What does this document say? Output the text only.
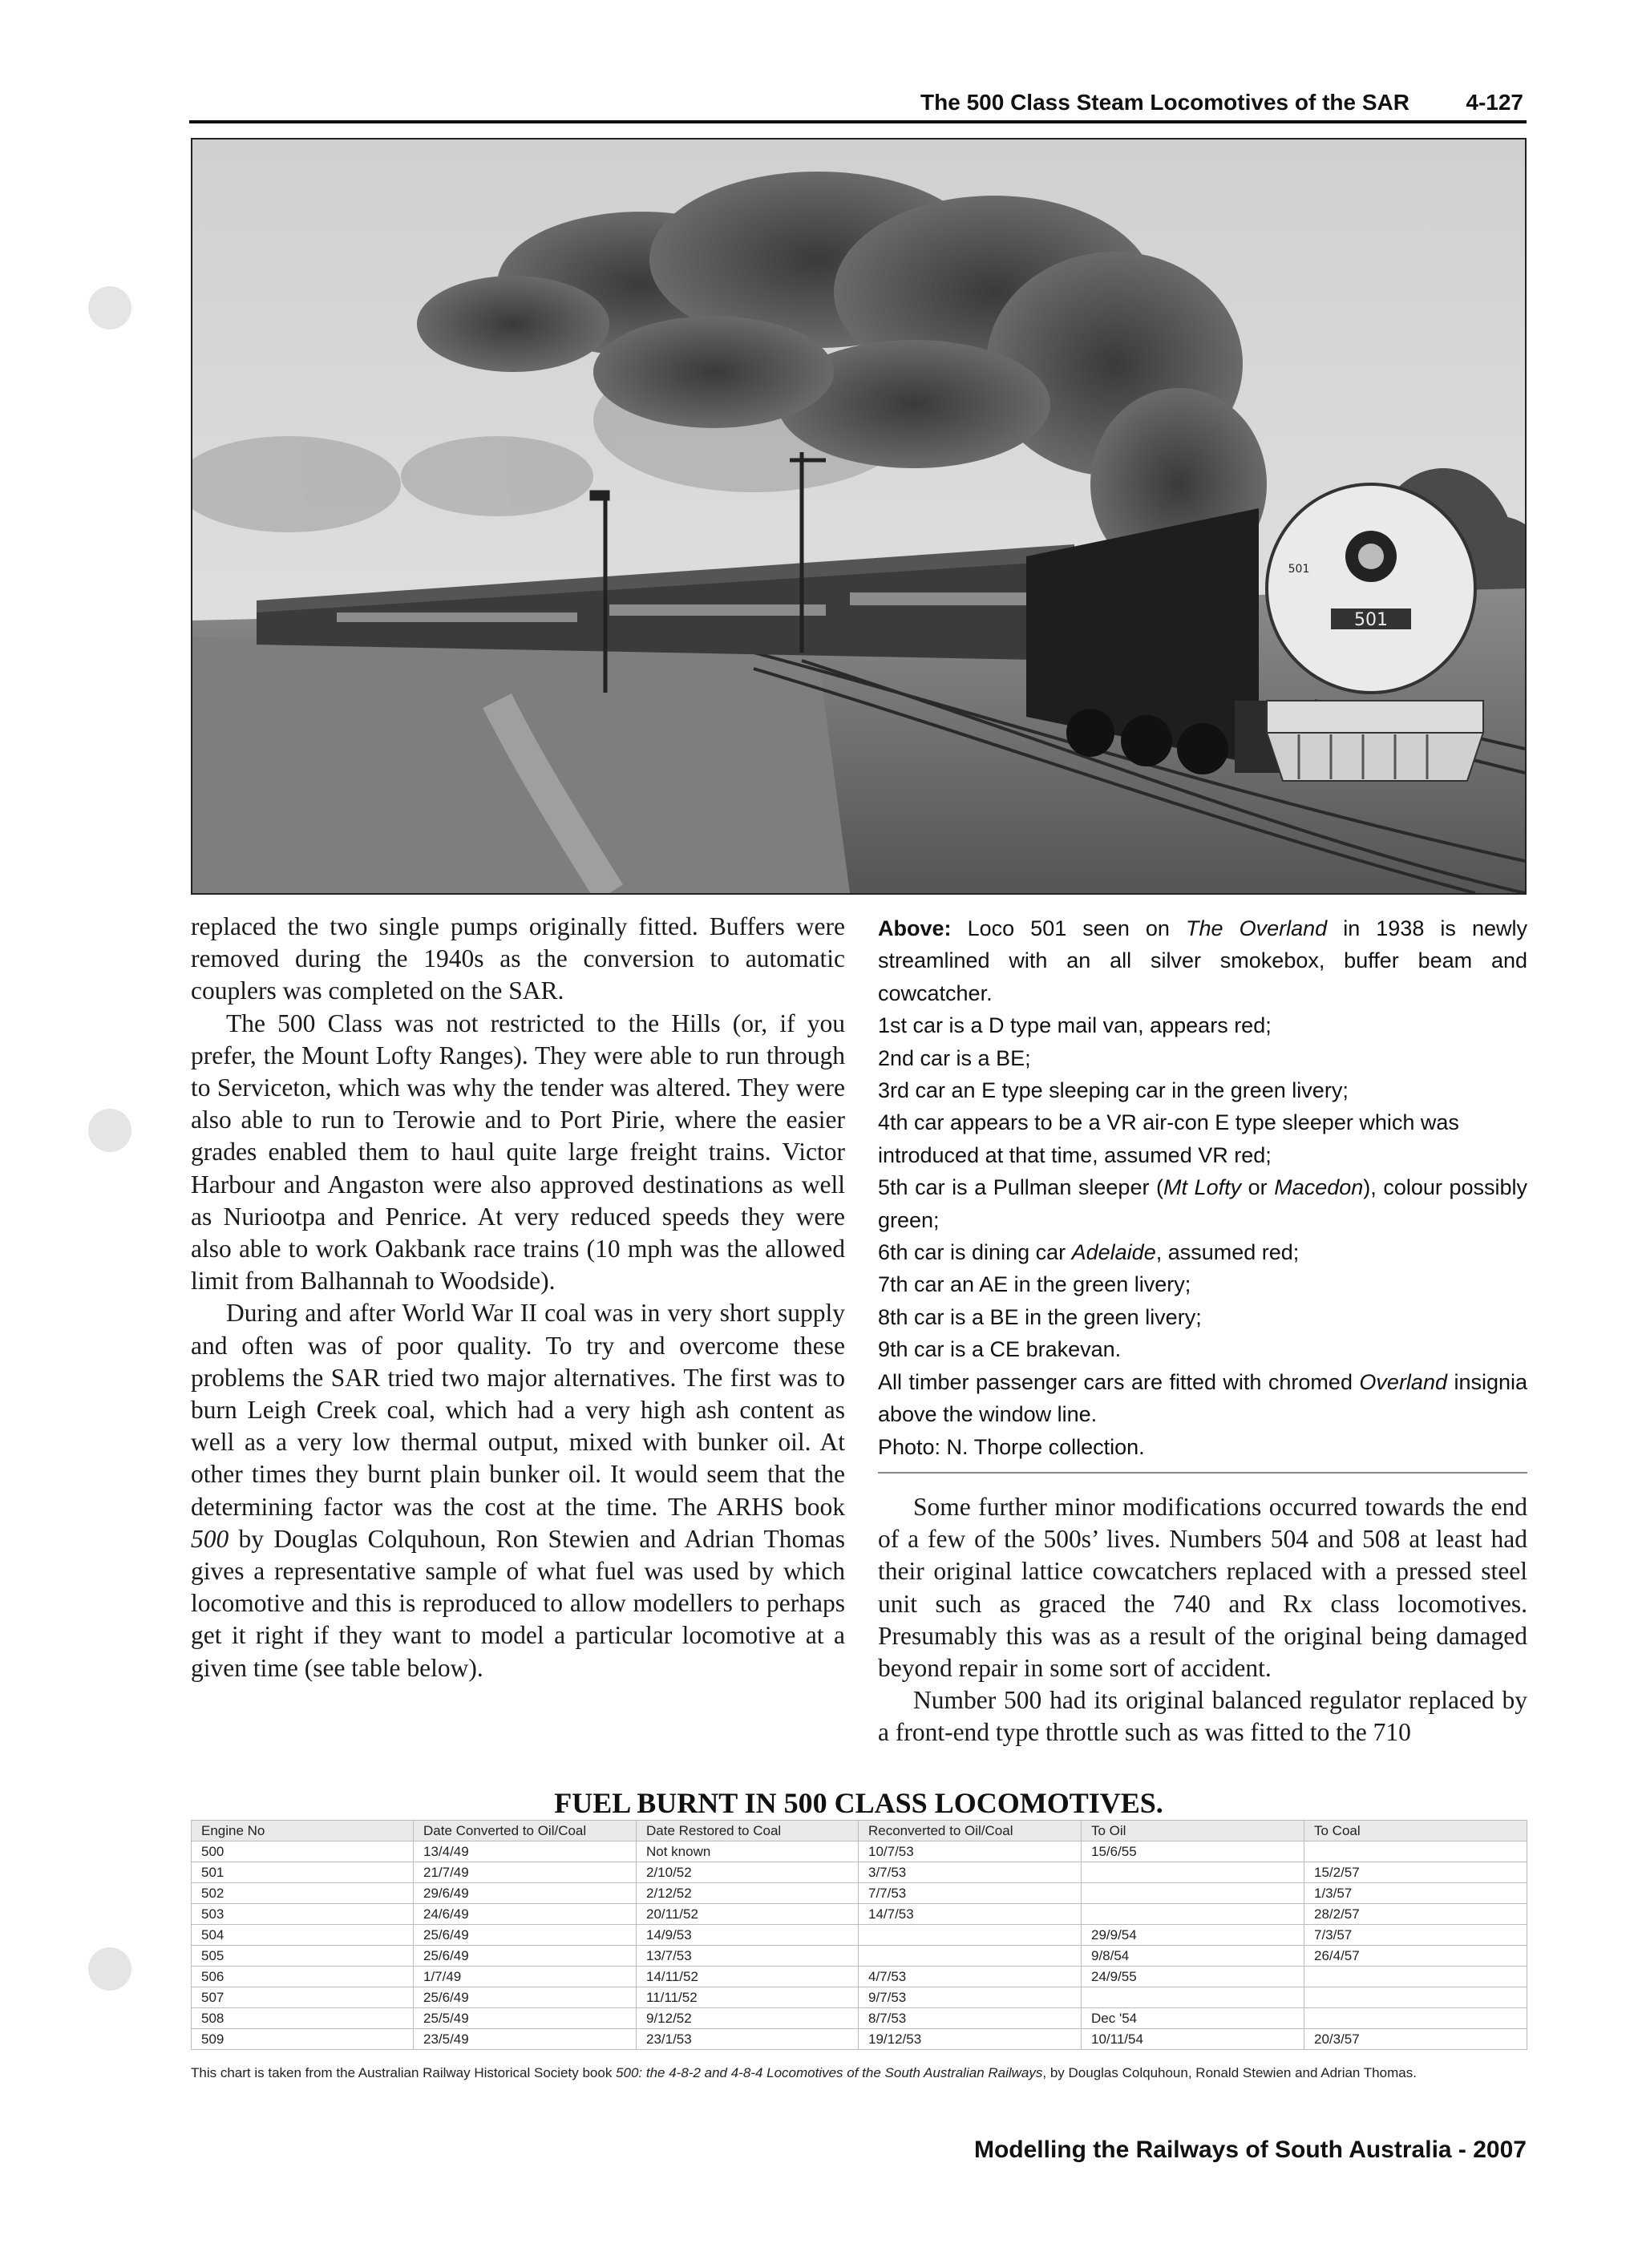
The 500 Class Steam Locomotives of the SAR	4-127
501
501

replaced the two single pumps originally fitted. Buffers were removed during the 1940s as the conversion to automatic couplers was completed on the SAR.

The 500 Class was not restricted to the Hills (or, if you prefer, the Mount Lofty Ranges). They were able to run through to Serviceton, which was why the tender was altered. They were also able to run to Terowie and to Port Pirie, where the easier grades enabled them to haul quite large freight trains. Victor Harbour and Angaston were also approved destinations as well as Nuriootpa and Penrice. At very reduced speeds they were also able to work Oakbank race trains (10 mph was the allowed limit from Balhannah to Woodside).

During and after World War II coal was in very short supply and often was of poor quality. To try and overcome these problems the SAR tried two major alternatives. The first was to burn Leigh Creek coal, which had a very high ash content as well as a very low thermal output, mixed with bunker oil. At other times they burnt plain bunker oil. It would seem that the determining factor was the cost at the time. The ARHS book 500 by Douglas Colquhoun, Ron Stewien and Adrian Thomas gives a representative sample of what fuel was used by which locomotive and this is reproduced to allow modellers to perhaps get it right if they want to model a particular locomotive at a given time (see table below).

Above: Loco 501 seen on The Overland in 1938 is newly streamlined with an all silver smokebox, buffer beam and cowcatcher.

1st car is a D type mail van, appears red;

2nd car is a BE;

3rd car an E type sleeping car in the green livery;

4th car appears to be a VR air-con E type sleeper which was introduced at that time, assumed VR red;

5th car is a Pullman sleeper (Mt Lofty or Macedon), colour possibly green;

6th car is dining car Adelaide, assumed red;

7th car an AE in the green livery;

8th car is a BE in the green livery;

9th car is a CE brakevan.

All timber passenger cars are fitted with chromed Overland insignia above the window line.

Photo: N. Thorpe collection.

Some further minor modifications occurred towards the end of a few of the 500s’ lives. Numbers 504 and 508 at least had their original lattice cowcatchers replaced with a pressed steel unit such as graced the 740 and Rx class locomotives. Presumably this was as a result of the original being damaged beyond repair in some sort of accident.

Number 500 had its original balanced regulator replaced by a front-end type throttle such as was fitted to the 710

FUEL BURNT IN 500 CLASS LOCOMOTIVES.
Engine No	Date Converted to Oil/Coal	Date Restored to Coal	Reconverted to Oil/Coal	To Oil	To Coal
500	13/4/49	Not known	10/7/53	15/6/55	
501	21/7/49	2/10/52	3/7/53		15/2/57
502	29/6/49	2/12/52	7/7/53		1/3/57
503	24/6/49	20/11/52	14/7/53		28/2/57
504	25/6/49	14/9/53		29/9/54	7/3/57
505	25/6/49	13/7/53		9/8/54	26/4/57
506	1/7/49	14/11/52	4/7/53	24/9/55	
507	25/6/49	11/11/52	9/7/53		
508	25/5/49	9/12/52	8/7/53	Dec '54	
509	23/5/49	23/1/53	19/12/53	10/11/54	20/3/57
This chart is taken from the Australian Railway Historical Society book 500: the 4-8-2 and 4-8-4 Locomotives of the South Australian Railways, by Douglas Colquhoun, Ronald Stewien and Adrian Thomas.
Modelling the Railways of South Australia - 2007
